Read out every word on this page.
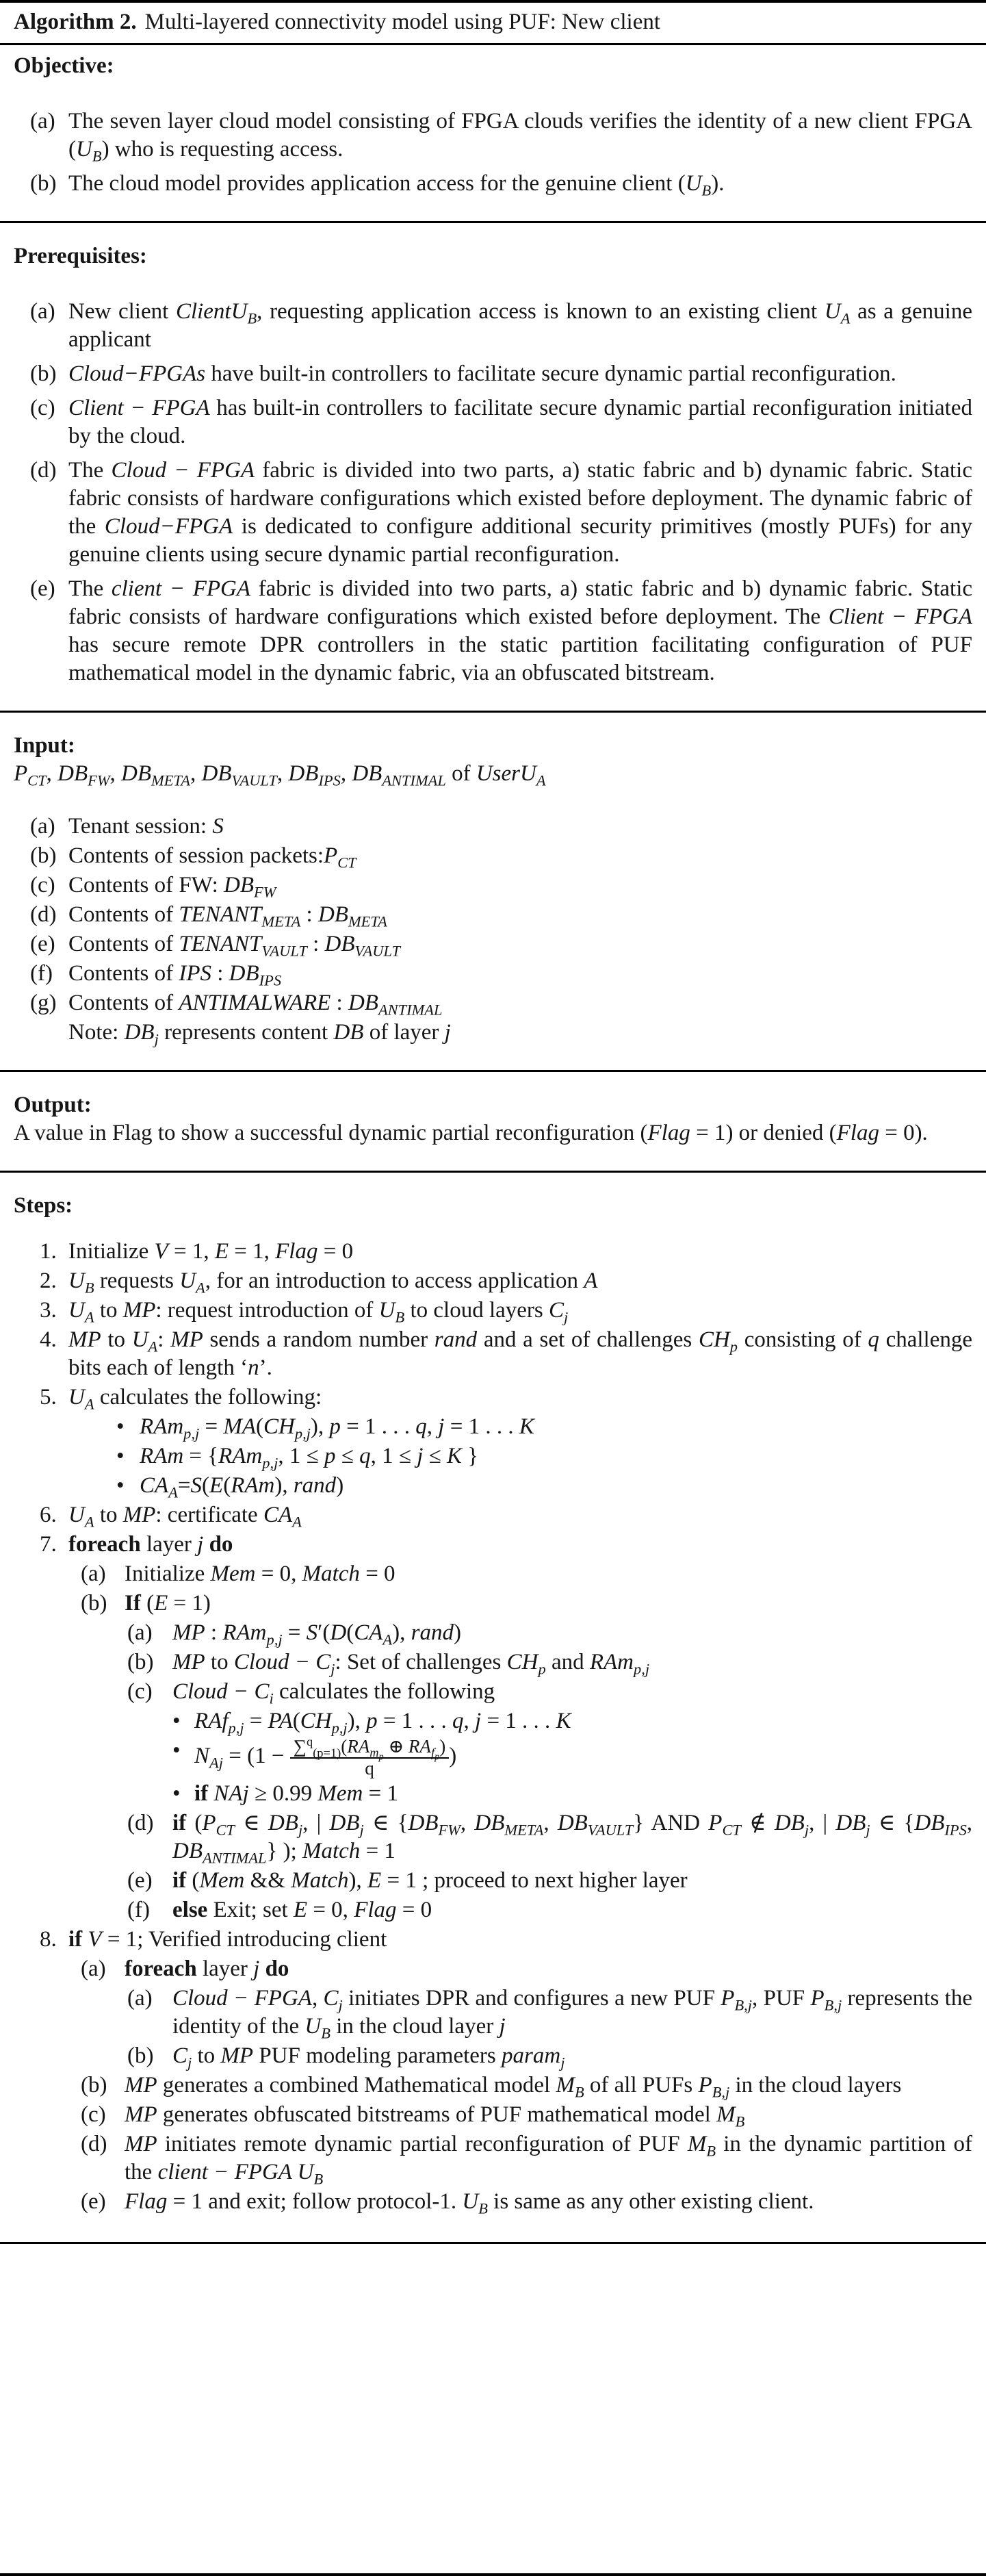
Algorithm 2. Multi-layered connectivity model using PUF: New client
Objective:
(a) The seven layer cloud model consisting of FPGA clouds verifies the identity of a new client FPGA $(U_B)$ who is requesting access.
(b) The cloud model provides application access for the genuine client $(U_B)$.
Prerequisites:
(a) New client ClientU$_B$, requesting application access is known to an existing client $U_A$ as a genuine applicant
(b) Cloud−FPGAs have built-in controllers to facilitate secure dynamic partial reconfiguration.
(c) Client − FPGA has built-in controllers to facilitate secure dynamic partial reconfiguration initiated by the cloud.
(d) The Cloud − FPGA fabric is divided into two parts, a) static fabric and b) dynamic fabric. Static fabric consists of hardware configurations which existed before deployment. The dynamic fabric of the Cloud−FPGA is dedicated to configure additional security primitives (mostly PUFs) for any genuine clients using secure dynamic partial reconfiguration.
(e) The client − FPGA fabric is divided into two parts, a) static fabric and b) dynamic fabric. Static fabric consists of hardware configurations which existed before deployment. The Client − FPGA has secure remote DPR controllers in the static partition facilitating configuration of PUF mathematical model in the dynamic fabric, via an obfuscated bitstream.
Input:
$P_{CT}$, $DB_{FW}$, $DB_{META}$, $DB_{VAULT}$, $DB_{IPS}$, $DB_{ANTIMAL}$ of UserU$_A$
(a) Tenant session: S
(b) Contents of session $packets:P_{CT}$
(c) Contents of FW: $DB_{FW}$
(d) Contents of $TENANT_{META}$ : $DB_{META}$
(e) Contents of $TENANT_{VAULT}$ : $DB_{VAULT}$
(f) Contents of IPS : $DB_{IPS}$
(g) Contents of ANTIMALWARE : $DB_{ANTIMAL}$
Note: $DB_j$ represents content DB of layer j
Output:
A value in Flag to show a successful dynamic partial reconfiguration (Flag = 1) or denied (Flag = 0).
Steps:
1. Initialize V = 1, E = 1, Flag = 0
2. $U_B$ requests $U_A$, for an introduction to access application A
3. $U_A$ to MP: request introduction of $U_B$ to cloud layers $C_j$
4. MP to $U_A$: MP sends a random number rand and a set of challenges $CH_p$ consisting of q challenge bits each of length ‘n’.
5. $U_A$ calculates the following:
• $RAm_{p,j} = MA(CH_{p,j})$, p = 1 . . . q, j = 1 . . . K
• RAm = {RAm$_{p,j}$, 1 ≤ p ≤ q, 1 ≤ j ≤ K }
• $CA_A=S(E(RAm)$, rand)
6. $U_A$ to MP: certificate $CA_A$
7. foreach layer j do
(a) Initialize Mem = 0, Match = 0
(b) If (E = 1)
(a) MP : $RAm_{p,j} = S'(D(CA_A)$, rand)
(b) MP to Cloud − $C_j$: Set of challenges $CH_p$ and RAm$_{p,j}$
(c) Cloud − $C_i$ calculates the following
• $RAf_{p,j} = PA(CH_{p,j})$, p = 1 . . . q, j = 1 . . . K
• $N_{Aj} = (1 - \frac{\sum^q_{(p=1)}(RA_{m_p} \oplus RA_{f_p})}{q}$ )
• if NAj ≥ 0.99 Mem = 1
(d) if ($P_{CT}$ ∈ $DB_j$, | $DB_j$ ∈ {$DB_{FW}$, $DB_{META}$, $DB_{VAULT}$} AND $P_{CT}$ ∉ $DB_j$, | $DB_j$ ∈ {$DB_{IPS}$, $DB_{ANTIMAL}$} ); Match = 1
(e) if (Mem && Match), E = 1 ; proceed to next higher layer
(f) else Exit; set E = 0, Flag = 0
8. if V = 1; Verified introducing client
(a) foreach layer j do
(a) Cloud − FPGA, $C_j$ initiates DPR and configures a new PUF $P_{B,j}$, PUF $P_{B,j}$ represents the identity of the $U_B$ in the cloud layer j
(b) $C_j$ to MP PUF modeling parameters param$_j$
(b) MP generates a combined Mathematical model $M_B$ of all PUFs $P_{B,j}$ in the cloud layers
(c) MP generates obfuscated bitstreams of PUF mathematical model $M_B$
(d) MP initiates remote dynamic partial reconfiguration of PUF $M_B$ in the dynamic partition of the client − FPGA $U_B$
(e) Flag = 1 and exit; follow protocol-1. $U_B$ is same as any other existing client.
